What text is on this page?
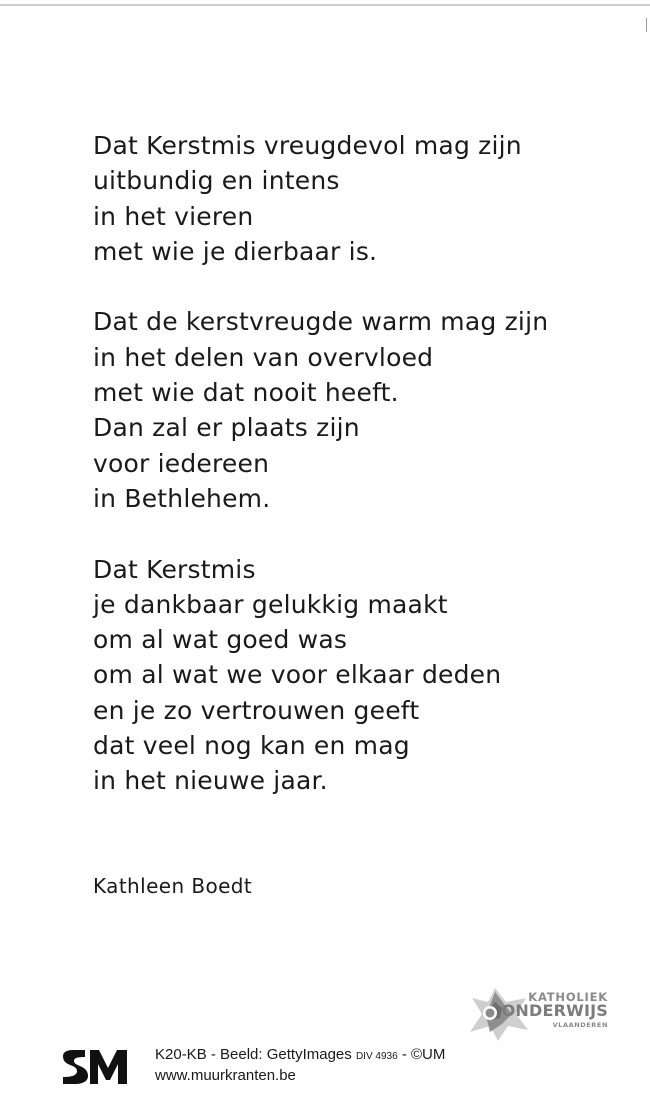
Dat Kerstmis vreugdevol mag zijn
uitbundig en intens
in het vieren
met wie je dierbaar is.

Dat de kerstvreugde warm mag zijn
in het delen van overvloed
met wie dat nooit heeft.
Dan zal er plaats zijn
voor iedereen
in Bethlehem.

Dat Kerstmis
je dankbaar gelukkig maakt
om al wat goed was
om al wat we voor elkaar deden
en je zo vertrouwen geeft
dat veel nog kan en mag
in het nieuwe jaar.

Kathleen Boedt
KATHOLIEK
ONDERWIJS
VLAANDEREN
K20-KB - Beeld: GettyImages DIV 4936 - ©UM
www.muurkranten.be
